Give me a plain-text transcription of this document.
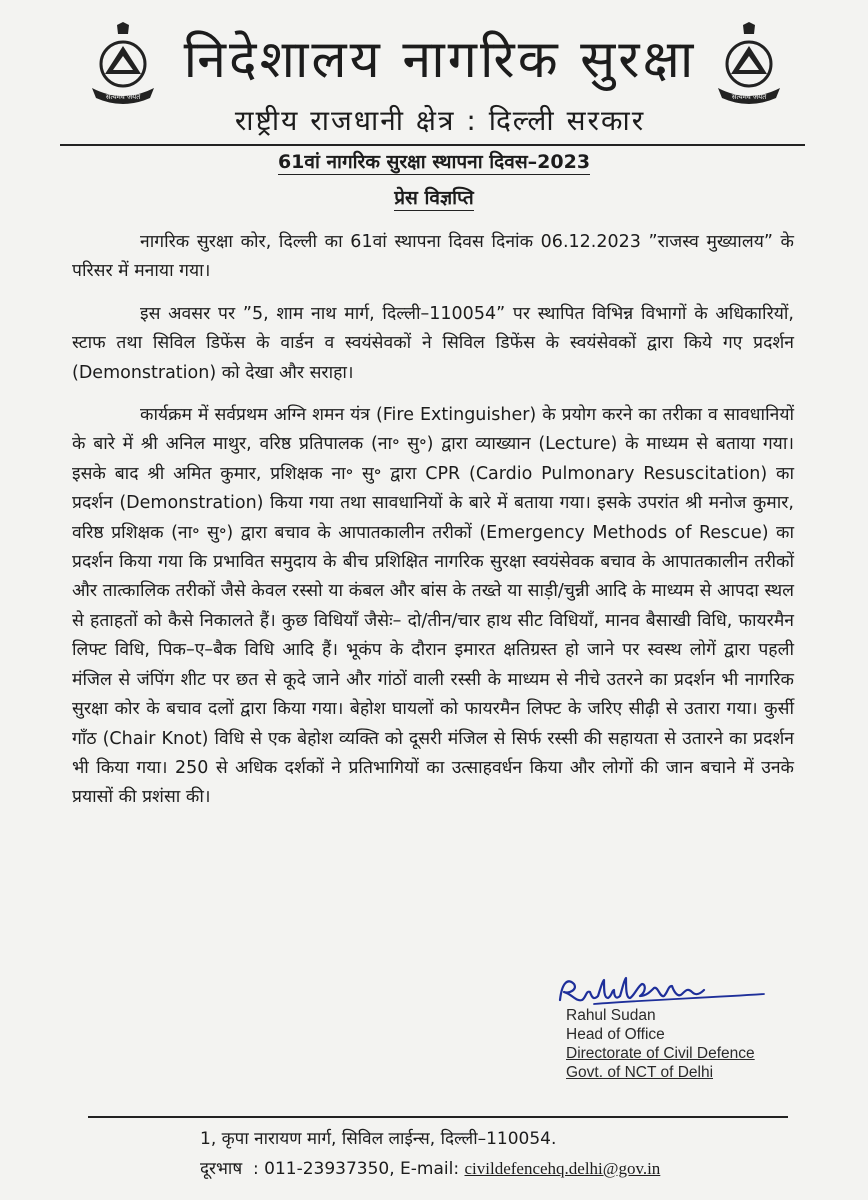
सत्यमेव जयते	सत्यमेव जयते
निदेशालय नागरिक सुरक्षा
राष्ट्रीय राजधानी क्षेत्र : दिल्ली सरकार
61वां नागरिक सुरक्षा स्थापना दिवस–2023
प्रेस विज्ञप्ति

नागरिक सुरक्षा कोर, दिल्ली का 61वां स्थापना दिवस दिनांक 06.12.2023 ”राजस्व मुख्यालय” के परिसर में मनाया गया।

इस अवसर पर ”5, शाम नाथ मार्ग, दिल्ली–110054” पर स्थापित विभिन्न विभागों के अधिकारियों, स्टाफ तथा सिविल डिफेंस के वार्डन व स्वयंसेवकों ने सिविल डिफेंस के स्वयंसेवकों द्वारा किये गए प्रदर्शन (Demonstration) को देखा और सराहा।

कार्यक्रम में सर्वप्रथम अग्नि शमन यंत्र (Fire Extinguisher) के प्रयोग करने का तरीका व सावधानियों के बारे में श्री अनिल माथुर, वरिष्ठ प्रतिपालक (ना॰ सु॰) द्वारा व्याख्यान (Lecture) के माध्यम से बताया गया। इसके बाद श्री अमित कुमार, प्रशिक्षक ना॰ सु॰ द्वारा CPR (Cardio Pulmonary Resuscitation) का प्रदर्शन (Demonstration) किया गया तथा सावधानियों के बारे में बताया गया। इसके उपरांत श्री मनोज कुमार, वरिष्ठ प्रशिक्षक (ना॰ सु॰) द्वारा बचाव के आपातकालीन तरीकों (Emergency Methods of Rescue) का प्रदर्शन किया गया कि प्रभावित समुदाय के बीच प्रशिक्षित नागरिक सुरक्षा स्वयंसेवक बचाव के आपातकालीन तरीकों और तात्कालिक तरीकों जैसे केवल रस्सो या कंबल और बांस के तख्ते या साड़ी/चुन्नी आदि के माध्यम से आपदा स्थल से हताहतों को कैसे निकालते हैं। कुछ विधियाँ जैसेः– दो/तीन/चार हाथ सीट विधियाँ, मानव बैसाखी विधि, फायरमैन लिफ्ट विधि, पिक–ए–बैक विधि आदि हैं। भूकंप के दौरान इमारत क्षतिग्रस्त हो जाने पर स्वस्थ लोगें द्वारा पहली मंजिल से जंपिंग शीट पर छत से कूदे जाने और गांठों वाली रस्सी के माध्यम से नीचे उतरने का प्रदर्शन भी नागरिक सुरक्षा कोर के बचाव दलों द्वारा किया गया। बेहोश घायलों को फायरमैन लिफ्ट के जरिए सीढ़ी से उतारा गया। कुर्सी गाँठ (Chair Knot) विधि से एक बेहोश व्यक्ति को दूसरी मंजिल से सिर्फ रस्सी की सहायता से उतारने का प्रदर्शन भी किया गया। 250 से अधिक दर्शकों ने प्रतिभागियों का उत्साहवर्धन किया और लोगों की जान बचाने में उनके प्रयासों की प्रशंसा की।

Rahul Sudan
Head of Office
Directorate of Civil Defence
Govt. of NCT of Delhi
1, कृपा नारायण मार्ग, सिविल लाईन्स, दिल्ली–110054.
दूरभाष  : 011-23937350, E-mail: civildefencehq.delhi@gov.in
